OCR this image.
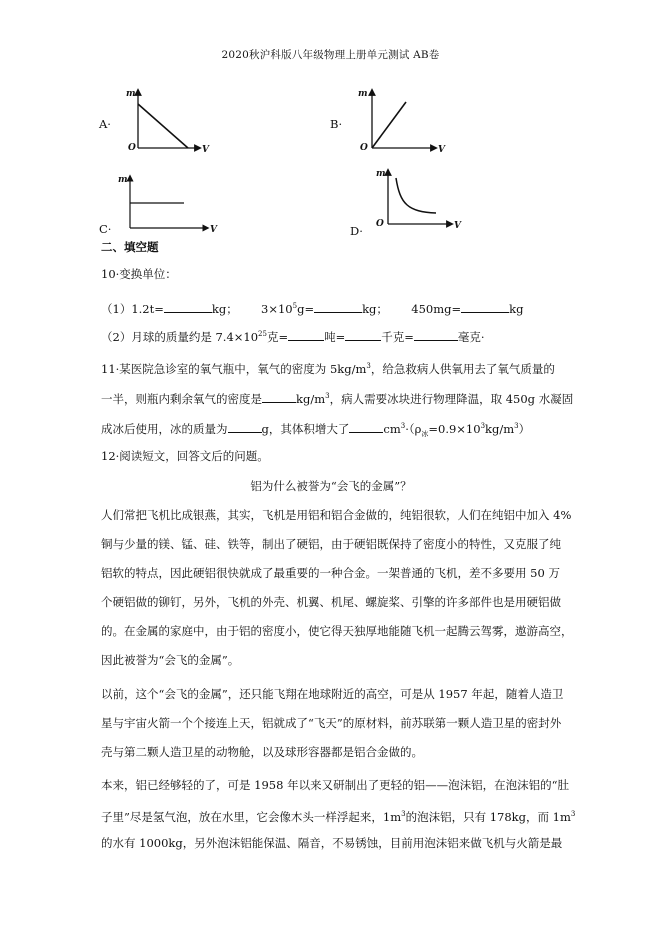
2020秋沪科版八年级物理上册单元测试 AB卷
A·
m
O	V
B·
m
O	V
C·
m
V	D·
m
O	V
二、填空题
10·变换单位：
（1）1.2t=	kg； $3\times 10^5g=$	kg； 450mg=	kg
（2）月球的质量约是 $7.4\times 10^{25}$克=	吨=	千克=	毫克·
11·某医院急诊室的氧气瓶中，氧气的密度为 $5kg/m^3$，给急救病人供氧用去了氧气质量的
一半，则瓶内剩余氧气的密度是	$kg/m^3$，病人需要冰块进行物理降温，取 450g 水凝固
成冰后使用，冰的质量为	g，其体积增大了	$cm^3\cdot(\rho_冰=0.9\times 10^3kg/m^3)$
12·阅读短文，回答文后的问题。
铝为什么被誉为“会飞的金属”？
人们常把飞机比成银燕，其实，飞机是用铝和铝合金做的，纯铝很软，人们在纯铝中加入 4%
铜与少量的镁、锰、硅、铁等，制出了硬铝，由于硬铝既保持了密度小的特性，又克服了纯
铝软的特点，因此硬铝很快就成了最重要的一种合金。一架普通的飞机，差不多要用 50 万
个硬铝做的铆钉，另外，飞机的外壳、机翼、机尾、螺旋桨、引擎的许多部件也是用硬铝做
的。在金属的家庭中，由于铝的密度小，使它得天独厚地能随飞机一起腾云驾雾，遨游高空，
因此被誉为“会飞的金属”。
以前，这个“会飞的金属”，还只能飞翔在地球附近的高空，可是从 1957 年起，随着人造卫
星与宇宙火箭一个个接连上天，铝就成了“飞天”的原材料，前苏联第一颗人造卫星的密封外
壳与第二颗人造卫星的动物舱，以及球形容器都是铝合金做的。
本来，铝已经够轻的了，可是 1958 年以来又研制出了更轻的铝——泡沫铝，在泡沫铝的“肚
子里”尽是氢气泡，放在水里，它会像木头一样浮起来，$1m^3$的泡沫铝，只有 178kg，而 $1m^3$
的水有 1000kg，另外泡沫铝能保温、隔音，不易锈蚀，目前用泡沫铝来做飞机与火箭是最
